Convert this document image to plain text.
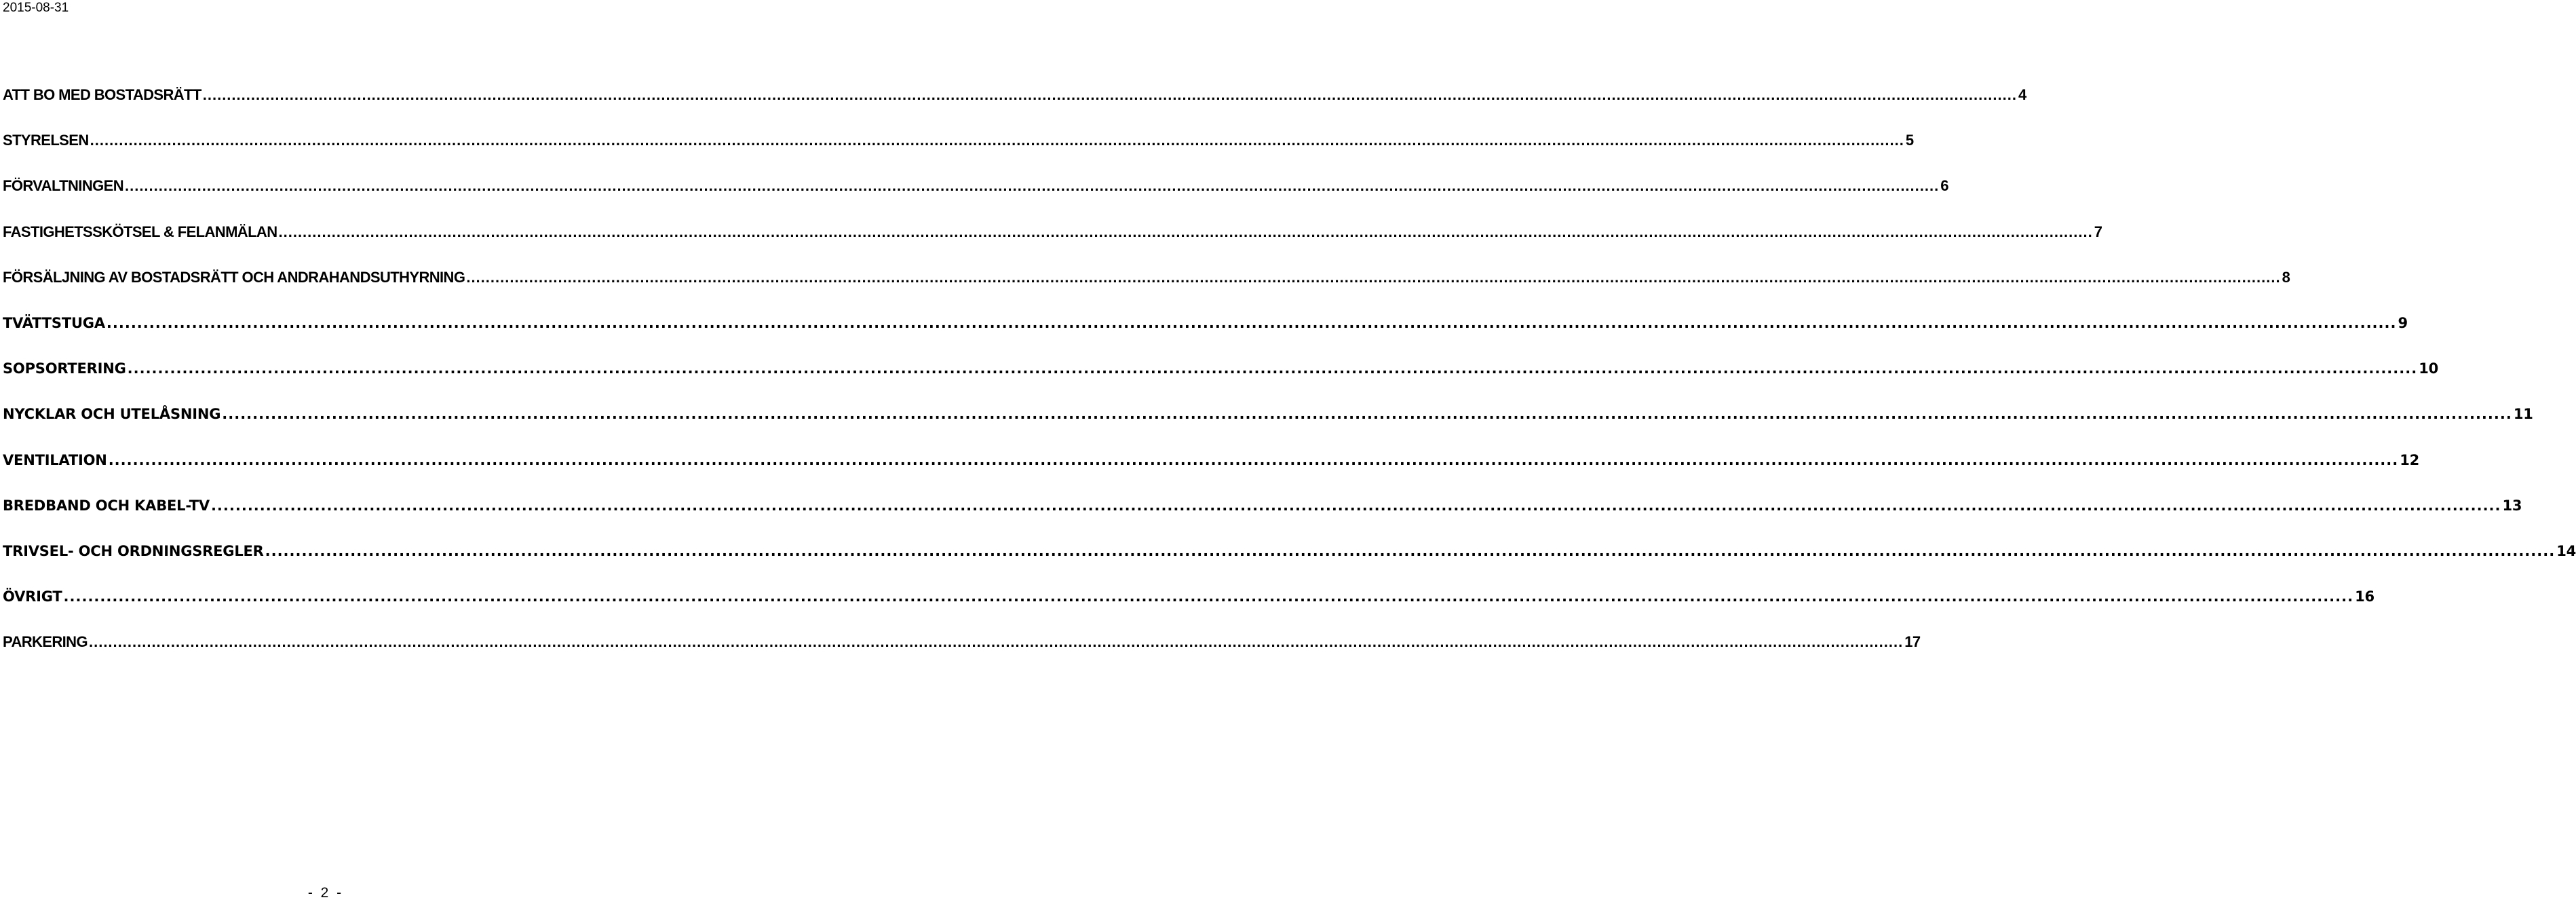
2015-08-31
ATT BO MED BOSTADSRÄTT .....	4
STYRELSEN .....	5
FÖRVALTNINGEN .....	6
FASTIGHETSSKÖTSEL & FELANMÄLAN .....	7
FÖRSÄLJNING AV BOSTADSRÄTT OCH ANDRAHANDSUTHYRNING .....	8
TVÄTTSTUGA .....	9
SOPSORTERING .....	10
NYCKLAR OCH UTELÅSNING .....	11
VENTILATION .....	12
BREDBAND OCH KABEL-TV .....	13
TRIVSEL- OCH ORDNINGSREGLER .....	14
ÖVRIGT .....	16
PARKERING .....	17
- 2 -
